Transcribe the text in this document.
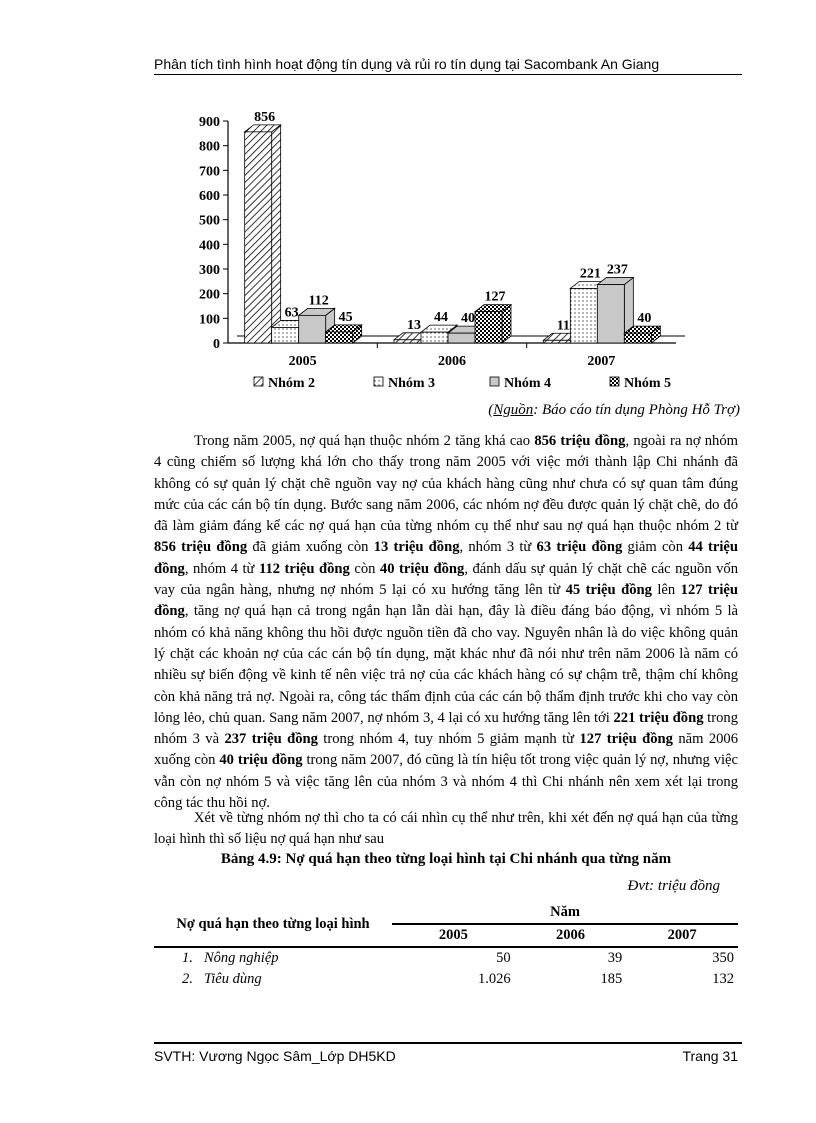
Phân tích tình hình hoạt động tín dụng và rủi ro tín dụng tại Sacombank An Giang
0
100
200
300
400
500
600
700
800
900 856
63
112
45
2005
13
44 40
127
2006
11
221 237
40
2007
Nhóm 2	Nhóm 3	Nhóm 4	Nhóm 5
(Nguồn: Báo cáo tín dụng Phòng Hỗ Trợ)

Trong năm 2005, nợ quá hạn thuộc nhóm 2 tăng khá cao 856 triệu đồng, ngoài ra nợ nhóm 4 cũng chiếm số lượng khá lớn cho thấy trong năm 2005 với việc mới thành lập Chi nhánh đã không có sự quản lý chặt chẽ nguồn vay nợ của khách hàng cũng như chưa có sự quan tâm đúng mức của các cán bộ tín dụng. Bước sang năm 2006, các nhóm nợ đều được quản lý chặt chẽ, do đó đã làm giảm đáng kể các nợ quá hạn của từng nhóm cụ thể như sau nợ quá hạn thuộc nhóm 2 từ 856 triệu đồng đã giảm xuống còn 13 triệu đồng, nhóm 3 từ 63 triệu đồng giảm còn 44 triệu đồng, nhóm 4 từ 112 triệu đồng còn 40 triệu đồng, đánh dấu sự quản lý chặt chẽ các nguồn vốn vay của ngân hàng, nhưng nợ nhóm 5 lại có xu hướng tăng lên từ 45 triệu đồng lên 127 triệu đồng, tăng nợ quá hạn cả trong ngắn hạn lẫn dài hạn, đây là điều đáng báo động, vì nhóm 5 là nhóm có khả năng không thu hồi được nguồn tiền đã cho vay. Nguyên nhân là do việc không quản lý chặt các khoản nợ của các cán bộ tín dụng, mặt khác như đã nói như trên năm 2006 là năm có nhiều sự biến động về kinh tế nên việc trả nợ của các khách hàng có sự chậm trễ, thậm chí không còn khả năng trả nợ. Ngoài ra, công tác thẩm định của các cán bộ thẩm định trước khi cho vay còn lỏng lẻo, chủ quan. Sang năm 2007, nợ nhóm 3, 4 lại có xu hướng tăng lên tới 221 triệu đồng trong nhóm 3 và 237 triệu đồng trong nhóm 4, tuy nhóm 5 giảm mạnh từ 127 triệu đồng năm 2006 xuống còn 40 triệu đồng trong năm 2007, đó cũng là tín hiệu tốt trong việc quản lý nợ, nhưng việc vẫn còn nợ nhóm 5 và việc tăng lên của nhóm 3 và nhóm 4 thì Chi nhánh nên xem xét lại trong công tác thu hồi nợ.

Xét về từng nhóm nợ thì cho ta có cái nhìn cụ thể như trên, khi xét đến nợ quá hạn của từng loại hình thì số liệu nợ quá hạn như sau

Bảng 4.9: Nợ quá hạn theo từng loại hình tại Chi nhánh qua từng năm
Đvt: triệu đồng
Nợ quá hạn theo từng loại hình	Năm		
	2005	2006	2007
1. Nông nghiệp	50	39	350
2. Tiêu dùng	1.026	185	132
SVTH: Vương Ngọc Sâm_Lớp DH5KD	Trang 31
